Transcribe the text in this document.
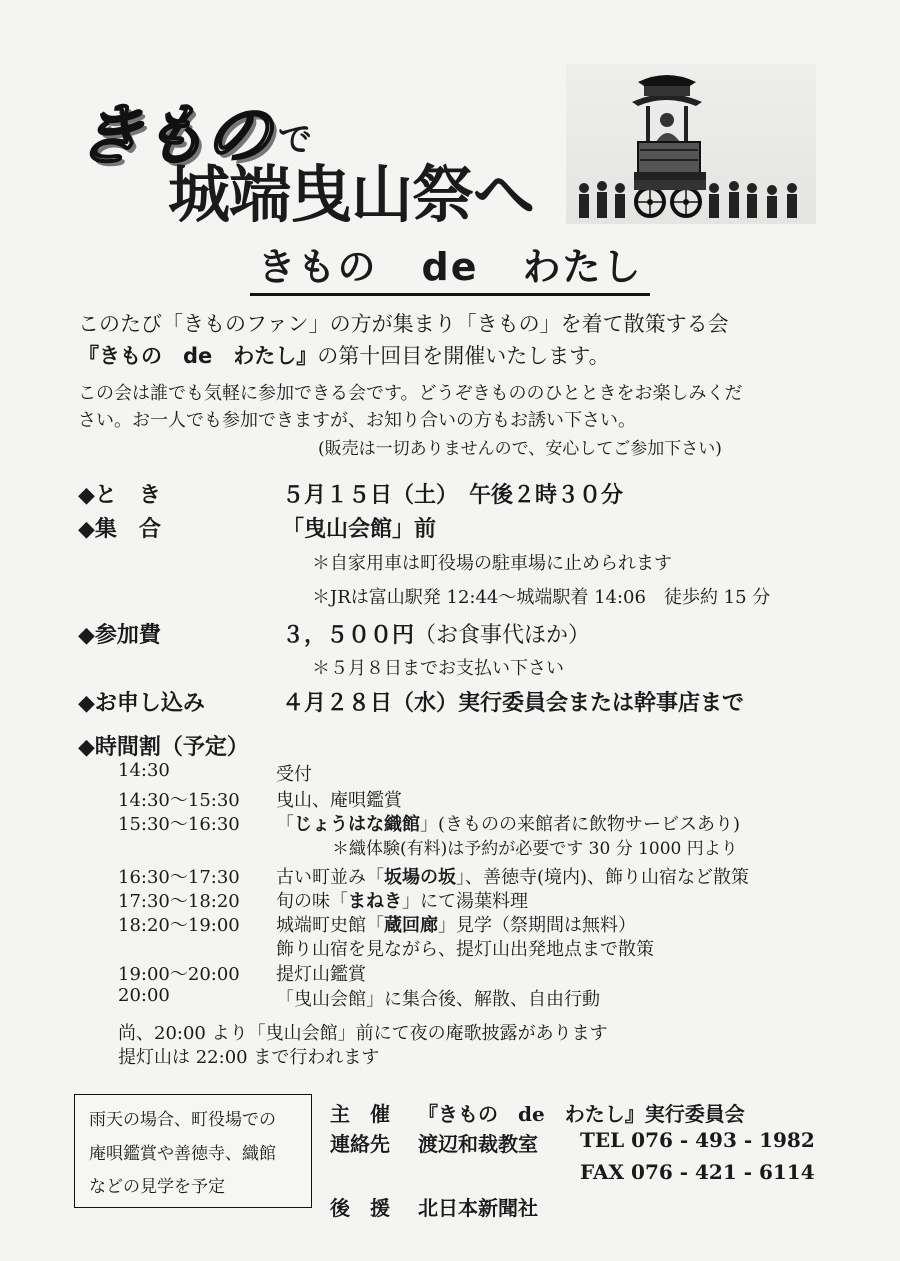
きもの で
城端曳山祭へ
きもの de わたし
このたび「きものファン」の方が集まり「きもの」を着て散策する会
『きもの　de　わたし』の第十回目を開催いたします。
この会は誰でも気軽に参加できる会です。どうぞきもののひとときをお楽しみくだ
さい。お一人でも参加できますが、お知り合いの方もお誘い下さい。
(販売は一切ありませんので、安心してご参加下さい)
◆と　き	５月１５日（土）　午後２時３０分
◆集　合	「曳山会館」前
＊自家用車は町役場の駐車場に止められます
＊JRは富山駅発 12:44～城端駅着 14:06　徒歩約 15 分
◆参加費	３，５００円（お食事代ほか）
＊５月８日までお支払い下さい
◆お申し込み	４月２８日（水）実行委員会または幹事店まで
◆時間割（予定）
14:30	受付
14:30～15:30 曳山、庵唄鑑賞
15:30～16:30 「じょうはな織館」(きものの来館者に飲物サービスあり)
＊織体験(有料)は予約が必要です 30 分 1000 円より
16:30～17:30 古い町並み「坂場の坂」、善徳寺(境内)、飾り山宿など散策
17:30～18:20 旬の味「まねき」にて湯葉料理
18:20～19:00 城端町史館「蔵回廊」見学（祭期間は無料）
飾り山宿を見ながら、提灯山出発地点まで散策
19:00～20:00 提灯山鑑賞
20:00	「曳山会館」に集合後、解散、自由行動
尚、20:00 より「曳山会館」前にて夜の庵歌披露があります
提灯山は 22:00 まで行われます
雨天の場合、町役場での
庵唄鑑賞や善徳寺、織館
などの見学を予定
主　催 『きもの　de　わたし』実行委員会
連絡先 渡辺和裁教室 TEL 076 - 493 - 1982
FAX 076 - 421 - 6114
後　援 北日本新聞社
